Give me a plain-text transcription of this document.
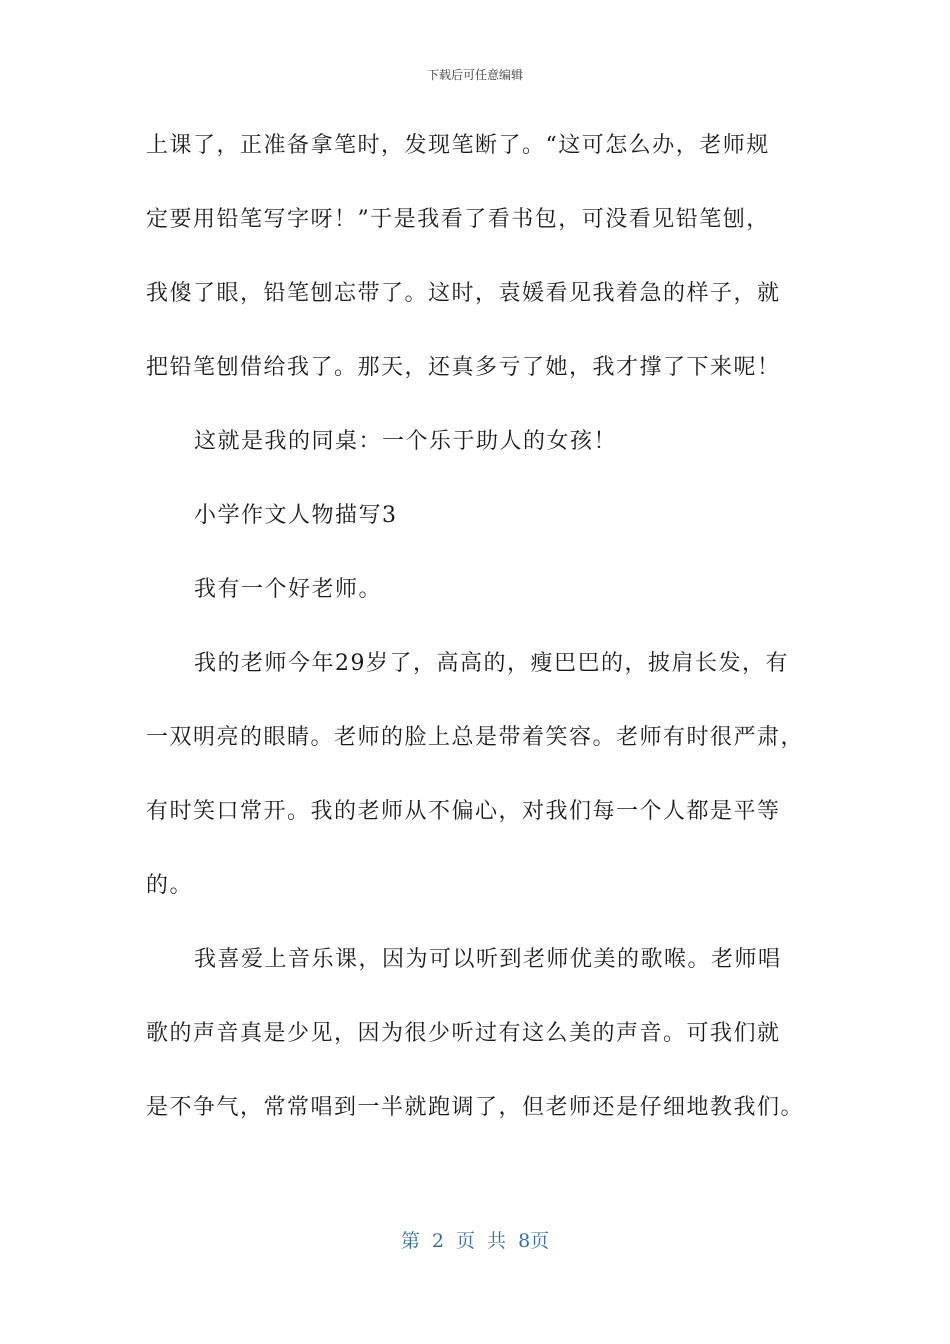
下载后可任意编辑
上课了，正准备拿笔时，发现笔断了。“这可怎么办，老师规
定要用铅笔写字呀！”于是我看了看书包，可没看见铅笔刨，
我傻了眼，铅笔刨忘带了。这时，袁媛看见我着急的样子，就
把铅笔刨借给我了。那天，还真多亏了她，我才撑了下来呢！
这就是我的同桌：一个乐于助人的女孩！
小学作文人物描写3
我有一个好老师。
我的老师今年29岁了，高高的，瘦巴巴的，披肩长发，有
一双明亮的眼睛。老师的脸上总是带着笑容。老师有时很严肃，
有时笑口常开。我的老师从不偏心，对我们每一个人都是平等
的。
我喜爱上音乐课，因为可以听到老师优美的歌喉。老师唱
歌的声音真是少见，因为很少听过有这么美的声音。可我们就
是不争气，常常唱到一半就跑调了，但老师还是仔细地教我们。
第 2 页 共 8页
